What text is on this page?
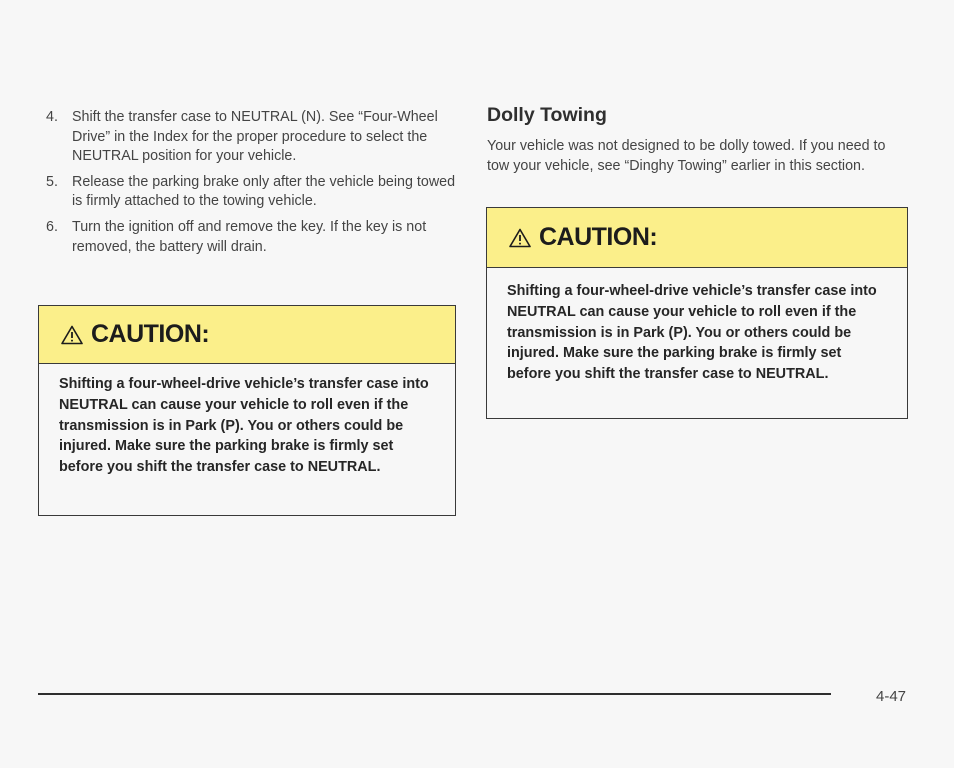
4. Shift the transfer case to NEUTRAL (N). See “Four-Wheel Drive” in the Index for the proper procedure to select the NEUTRAL position for your vehicle.
5. Release the parking brake only after the vehicle being towed is firmly attached to the towing vehicle.
6. Turn the ignition off and remove the key. If the key is not removed, the battery will drain.
CAUTION:
Shifting a four-wheel-drive vehicle’s transfer case into NEUTRAL can cause your vehicle to roll even if the transmission is in Park (P). You or others could be injured. Make sure the parking brake is firmly set before you shift the transfer case to NEUTRAL.
Dolly Towing

Your vehicle was not designed to be dolly towed. If you need to tow your vehicle, see “Dinghy Towing” earlier in this section.

CAUTION:
Shifting a four-wheel-drive vehicle’s transfer case into NEUTRAL can cause your vehicle to roll even if the transmission is in Park (P). You or others could be injured. Make sure the parking brake is firmly set before you shift the transfer case to NEUTRAL.
4-47
